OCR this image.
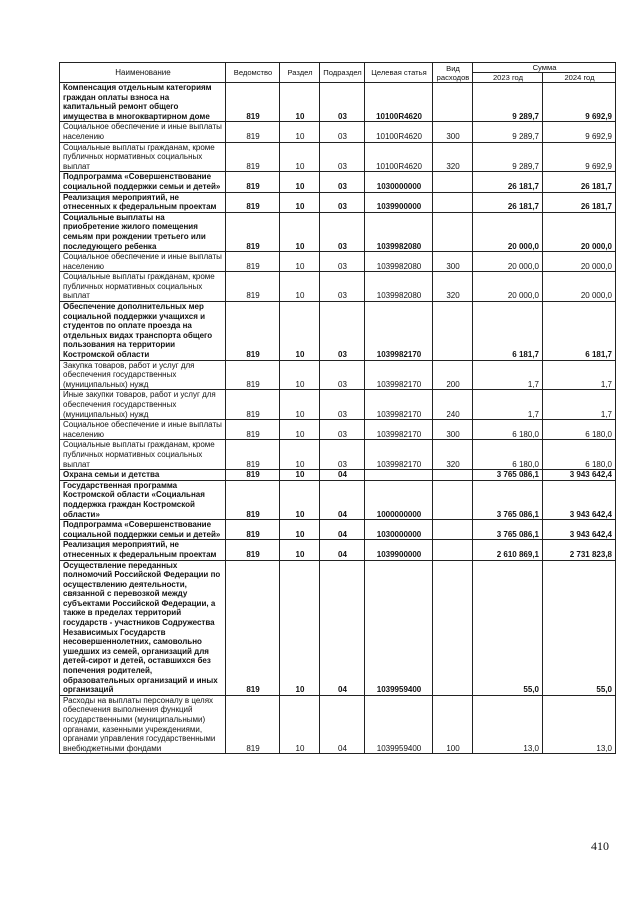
Наименование	Ведомство	Раздел	Подраздел	Целевая статья	Вид расходов	Сумма	
						2023 год	2024 год
Компенсация отдельным категориям граждан оплаты взноса на капитальный ремонт общего имущества в многоквартирном доме	819	10	03	10100R4620		9 289,7	9 692,9
Социальное обеспечение и иные выплаты населению	819	10	03	10100R4620	300	9 289,7	9 692,9
Социальные выплаты гражданам, кроме публичных нормативных социальных выплат	819	10	03	10100R4620	320	9 289,7	9 692,9
Подпрограмма «Совершенствование социальной поддержки семьи и детей»	819	10	03	1030000000		26 181,7	26 181,7
Реализация мероприятий, не отнесенных к федеральным проектам	819	10	03	1039900000		26 181,7	26 181,7
Социальные выплаты на приобретение жилого помещения семьям при рождении третьего или последующего ребенка	819	10	03	1039982080		20 000,0	20 000,0
Социальное обеспечение и иные выплаты населению	819	10	03	1039982080	300	20 000,0	20 000,0
Социальные выплаты гражданам, кроме публичных нормативных социальных выплат	819	10	03	1039982080	320	20 000,0	20 000,0
Обеспечение дополнительных мер социальной поддержки учащихся и студентов по оплате проезда на отдельных видах транспорта общего пользования на территории Костромской области	819	10	03	1039982170		6 181,7	6 181,7
Закупка товаров, работ и услуг для обеспечения государственных (муниципальных) нужд	819	10	03	1039982170	200	1,7	1,7
Иные закупки товаров, работ и услуг для обеспечения государственных (муниципальных) нужд	819	10	03	1039982170	240	1,7	1,7
Социальное обеспечение и иные выплаты населению	819	10	03	1039982170	300	6 180,0	6 180,0
Социальные выплаты гражданам, кроме публичных нормативных социальных выплат	819	10	03	1039982170	320	6 180,0	6 180,0
Охрана семьи и детства	819	10	04			3 765 086,1	3 943 642,4
Государственная программа Костромской области «Социальная поддержка граждан Костромской области»	819	10	04	1000000000		3 765 086,1	3 943 642,4
Подпрограмма «Совершенствование социальной поддержки семьи и детей»	819	10	04	1030000000		3 765 086,1	3 943 642,4
Реализация мероприятий, не отнесенных к федеральным проектам	819	10	04	1039900000		2 610 869,1	2 731 823,8
Осуществление переданных полномочий Российской Федерации по осуществлению деятельности, связанной с перевозкой между субъектами Российской Федерации, а также в пределах территорий государств - участников Содружества Независимых Государств несовершеннолетних, самовольно ушедших из семей, организаций для детей-сирот и детей, оставшихся без попечения родителей, образовательных организаций и иных организаций	819	10	04	1039959400		55,0	55,0
Расходы на выплаты персоналу в целях обеспечения выполнения функций государственными (муниципальными) органами, казенными учреждениями, органами управления государственными внебюджетными фондами	819	10	04	1039959400	100	13,0	13,0
410
